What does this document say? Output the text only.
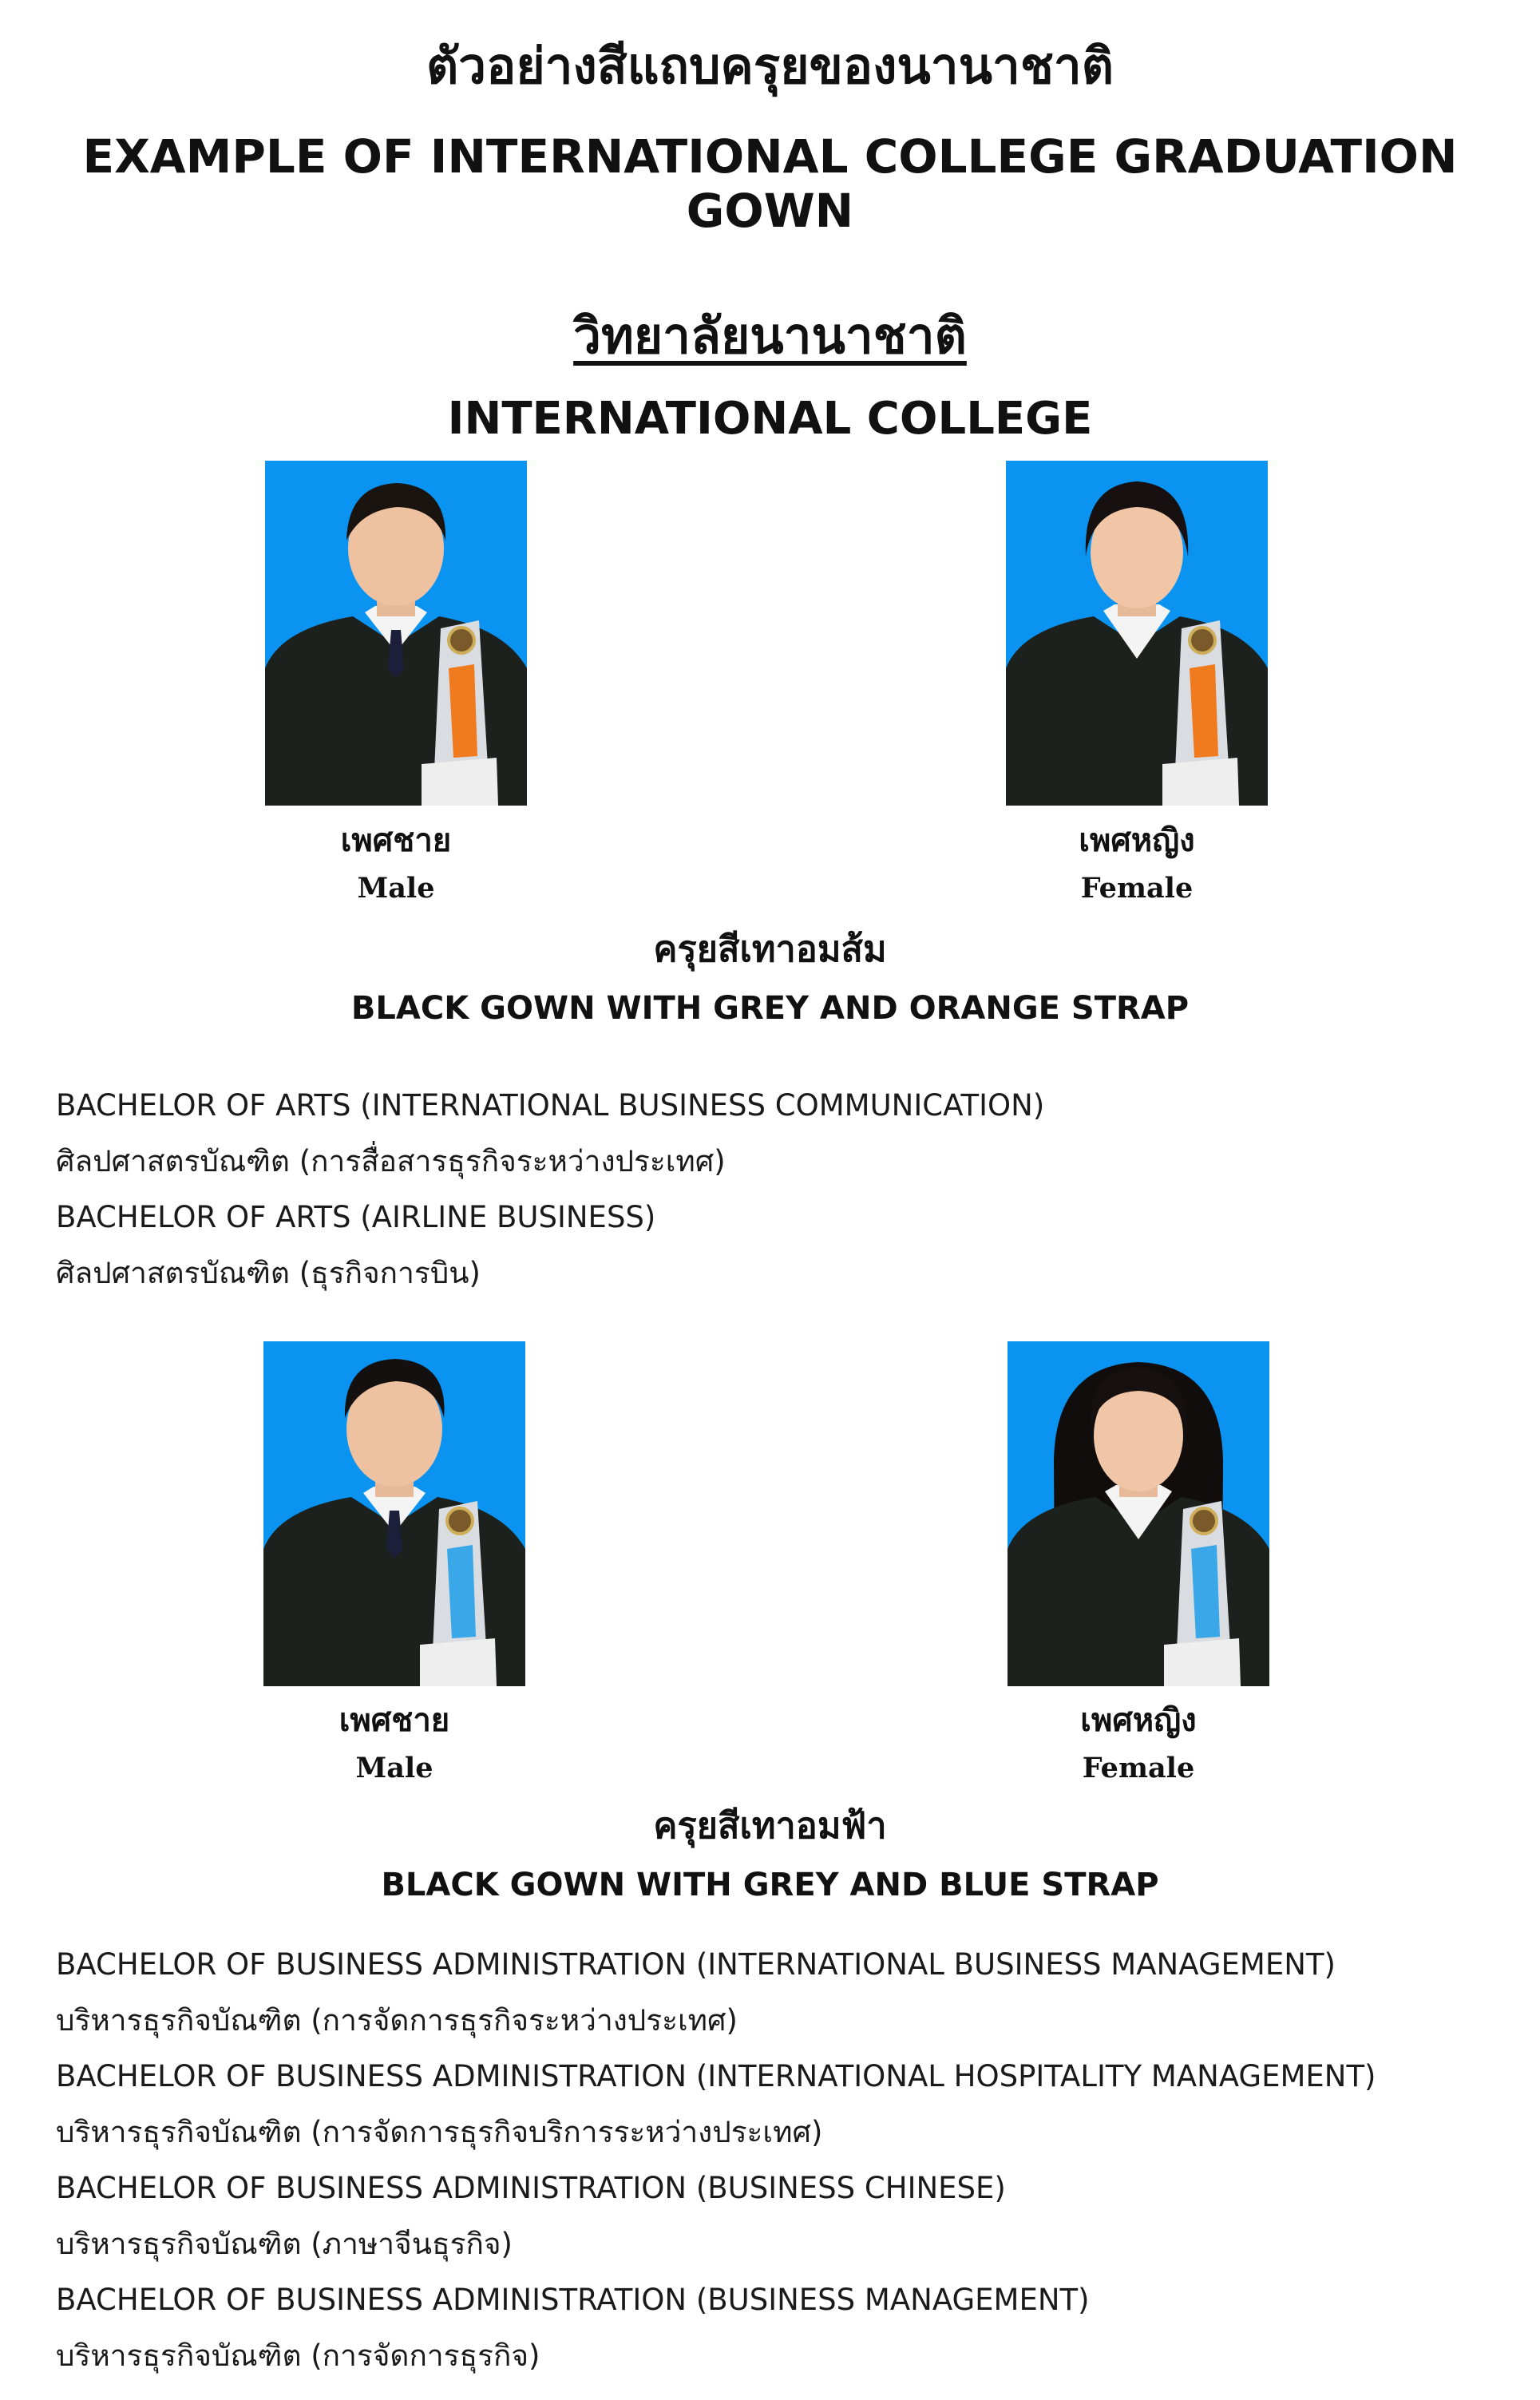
ตัวอย่างสีแถบครุยของนานาชาติ
EXAMPLE OF INTERNATIONAL COLLEGE GRADUATION GOWN
วิทยาลัยนานาชาติ
INTERNATIONAL COLLEGE
เพศชาย
Male
เพศหญิง
Female
ครุยสีเทาอมส้ม
BLACK GOWN WITH GREY AND ORANGE STRAP
BACHELOR OF ARTS (INTERNATIONAL BUSINESS COMMUNICATION)
ศิลปศาสตรบัณฑิต (การสื่อสารธุรกิจระหว่างประเทศ)
BACHELOR OF ARTS (AIRLINE BUSINESS)
ศิลปศาสตรบัณฑิต (ธุรกิจการบิน)
เพศชาย
Male
เพศหญิง
Female
ครุยสีเทาอมฟ้า
BLACK GOWN WITH GREY AND BLUE STRAP
BACHELOR OF BUSINESS ADMINISTRATION (INTERNATIONAL BUSINESS MANAGEMENT)
บริหารธุรกิจบัณฑิต (การจัดการธุรกิจระหว่างประเทศ)
BACHELOR OF BUSINESS ADMINISTRATION (INTERNATIONAL HOSPITALITY MANAGEMENT)
บริหารธุรกิจบัณฑิต (การจัดการธุรกิจบริการระหว่างประเทศ)
BACHELOR OF BUSINESS ADMINISTRATION (BUSINESS CHINESE)
บริหารธุรกิจบัณฑิต (ภาษาจีนธุรกิจ)
BACHELOR OF BUSINESS ADMINISTRATION (BUSINESS MANAGEMENT)
บริหารธุรกิจบัณฑิต (การจัดการธุรกิจ)
